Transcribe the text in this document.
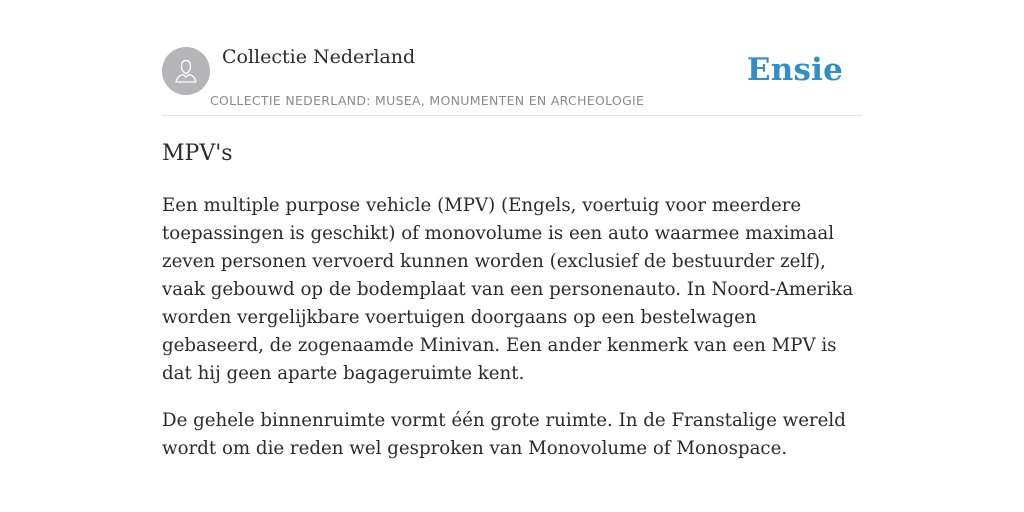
Collectie Nederland
COLLECTIE NEDERLAND: MUSEA, MONUMENTEN EN ARCHEOLOGIE
Ensie
MPV's

Een multiple purpose vehicle (MPV) (Engels, voertuig voor meerdere toepassingen is geschikt) of monovolume is een auto waarmee maximaal zeven personen vervoerd kunnen worden (exclusief de bestuurder zelf), vaak gebouwd op de bodemplaat van een personenauto. In Noord-Amerika worden vergelijkbare voertuigen doorgaans op een bestelwagen gebaseerd, de zogenaamde Minivan. Een ander kenmerk van een MPV is dat hij geen aparte bagageruimte kent.

De gehele binnenruimte vormt één grote ruimte. In de Franstalige wereld wordt om die reden wel gesproken van Monovolume of Monospace.
